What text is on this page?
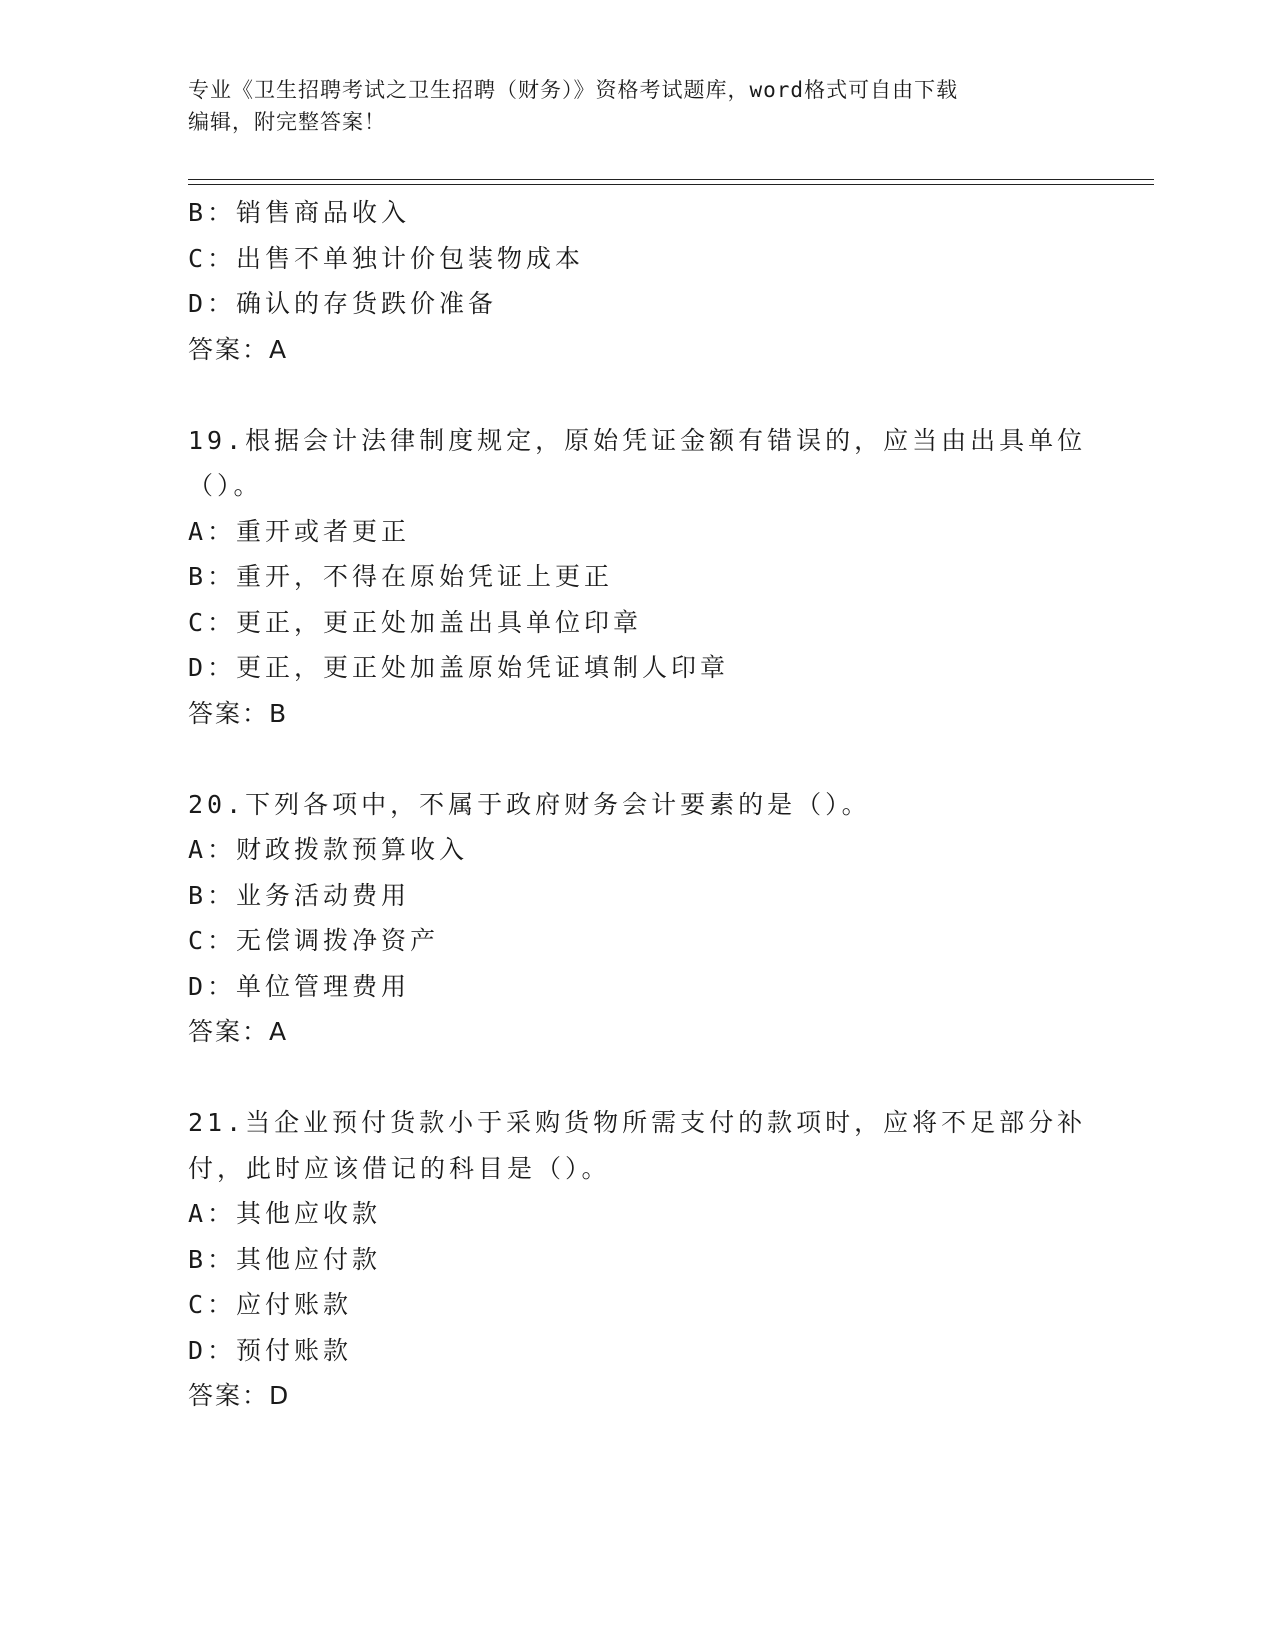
专业《卫生招聘考试之卫生招聘（财务）》资格考试题库，word格式可自由下载
编辑，附完整答案！
B：销售商品收入
C：出售不单独计价包装物成本
D：确认的存货跌价准备
答案：A
19.根据会计法律制度规定，原始凭证金额有错误的，应当由出具单位
（）。
A：重开或者更正
B：重开，不得在原始凭证上更正
C：更正，更正处加盖出具单位印章
D：更正，更正处加盖原始凭证填制人印章
答案：B
20.下列各项中，不属于政府财务会计要素的是（）。
A：财政拨款预算收入
B：业务活动费用
C：无偿调拨净资产
D：单位管理费用
答案：A
21.当企业预付货款小于采购货物所需支付的款项时，应将不足部分补
付，此时应该借记的科目是（）。
A：其他应收款
B：其他应付款
C：应付账款
D：预付账款
答案：D
